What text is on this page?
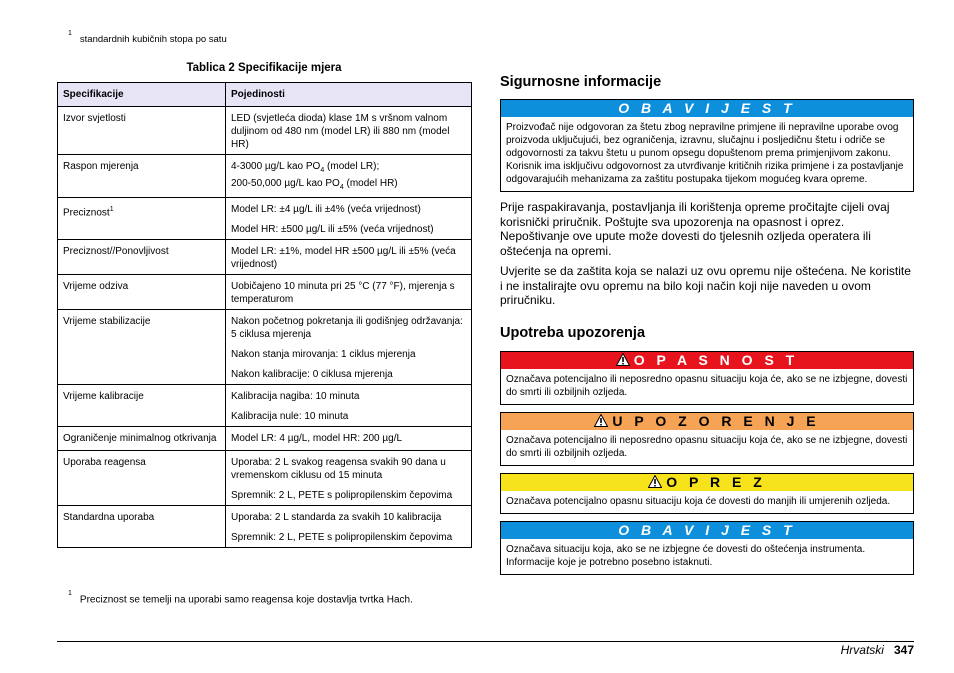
$^1$standardnih kubičnih stopa po satu
Tablica 2 Specifikacije mjera
Specifikacije	Pojedinosti
Izvor svjetlosti	LED (svjetleća dioda) klase 1M s vršnom valnom duljinom od 480 nm (model LR) ili 880 nm (model HR)

Raspon mjerenja	4-3000 µg/L kao $PO_4$ (model LR);
200-50,000 µg/L kao $PO_4$ (model HR)

Preciznost$^1$	Model LR: ±4 µg/L ili ±4% (veća vrijednost)
Model HR: ±500 µg/L ili ±5% (veća vrijednost)

Preciznost//Ponovljivost	Model LR: ±1%, model HR ±500 µg/L ili ±5% (veća vrijednost)

Vrijeme odziva	Uobičajeno 10 minuta pri 25 °C (77 °F), mjerenja s temperaturom

Vrijeme stabilizacije	Nakon početnog pokretanja ili godišnjeg održavanja: 5 ciklusa mjerenja
Nakon stanja mirovanja: 1 ciklus mjerenja
Nakon kalibracije: 0 ciklusa mjerenja

Vrijeme kalibracije	Kalibracija nagiba: 10 minuta
Kalibracija nule: 10 minuta

Ograničenje minimalnog otkrivanja	Model LR: 4 µg/L, model HR: 200 µg/L

Uporaba reagensa	Uporaba: 2 L svakog reagensa svakih 90 dana u vremenskom ciklusu od 15 minuta
Spremnik: 2 L, PETE s polipropilenskim čepovima

Standardna uporaba	Uporaba: 2 L standarda za svakih 10 kalibracija
Spremnik: 2 L, PETE s polipropilenskim čepovima
$^1$Preciznost se temelji na uporabi samo reagensa koje dostavlja tvrtka Hach.
Sigurnosne informacije
O B A V I J E S T
Proizvođač nije odgovoran za štetu zbog nepravilne primjene ili nepravilne uporabe ovog proizvoda uključujući, bez ograničenja, izravnu, slučajnu i posljedičnu štetu i odriče se odgovornosti za takvu štetu u punom opsegu dopuštenom prema primjenjivom zakonu. Korisnik ima isključivu odgovornost za utvrđivanje kritičnih rizika primjene i za postavljanje odgovarajućih mehanizama za zaštitu postupaka tijekom mogućeg kvara opreme.

Prije raspakiravanja, postavljanja ili korištenja opreme pročitajte cijeli ovaj korisnički priručnik. Poštujte sva upozorenja na opasnost i oprez. Nepoštivanje ove upute može dovesti do tjelesnih ozljeda operatera ili oštećenja na opremi.

Uvjerite se da zaštita koja se nalazi uz ovu opremu nije oštećena. Ne koristite i ne instalirajte ovu opremu na bilo koji način koji nije naveden u ovom priručniku.

Upotreba upozorenja
O P A S N O S T
Označava potencijalno ili neposredno opasnu situaciju koja će, ako se ne izbjegne, dovesti do smrti ili ozbiljnih ozljeda.
U P O Z O R E N J E
Označava potencijalno ili neposredno opasnu situaciju koja će, ako se ne izbjegne, dovesti do smrti ili ozbiljnih ozljeda.
O P R E Z
Označava potencijalno opasnu situaciju koja će dovesti do manjih ili umjerenih ozljeda.
O B A V I J E S T
Označava situaciju koja, ako se ne izbjegne će dovesti do oštećenja instrumenta. Informacije koje je potrebno posebno istaknuti.
Hrvatski 347
